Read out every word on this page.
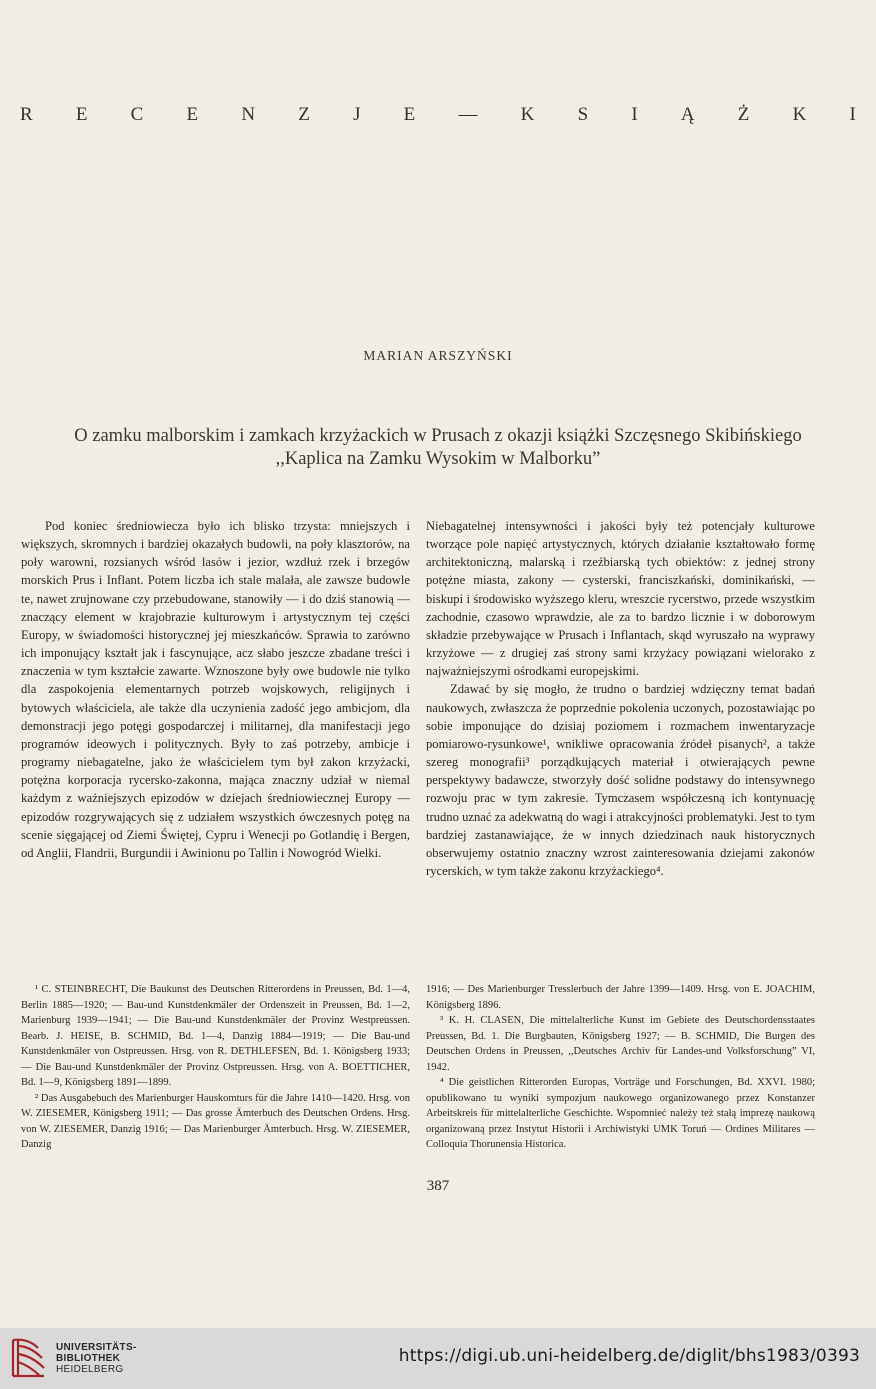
R E C E N Z J E — K S I Ą Ż K I
MARIAN ARSZYŃSKI
O zamku malborskim i zamkach krzyżackich w Prusach z okazji książki Szczęsnego Skibińskiego
,,Kaplica na Zamku Wysokim w Malborku”

Pod koniec średniowiecza było ich blisko trzysta: mniejszych i większych, skromnych i bardziej okazałych budowli, na poły klasztorów, na poły warowni, rozsianych wśród lasów i jezior, wzdłuż rzek i brzegów morskich Prus i Inflant. Potem liczba ich stale malała, ale zawsze budowle te, nawet zrujnowane czy przebudowane, stanowiły — i do dziś stanowią — znaczący element w krajobrazie kulturowym i artystycznym tej części Europy, w świadomości historycznej jej mieszkańców. Sprawia to zarówno ich imponujący kształt jak i fascynujące, acz słabo jeszcze zbadane treści i znaczenia w tym kształcie zawarte. Wznoszone były owe budowle nie tylko dla zaspokojenia elementarnych potrzeb wojskowych, religijnych i bytowych właściciela, ale także dla uczynienia zadość jego ambicjom, dla demonstracji jego potęgi gospodarczej i militarnej, dla manifestacji jego programów ideowych i politycznych. Były to zaś potrzeby, ambicje i programy niebagatelne, jako że właścicielem tym był zakon krzyżacki, potężna korporacja rycersko-zakonna, mająca znaczny udział w niemal każdym z ważniejszych epizodów w dziejach średniowiecznej Europy — epizodów rozgrywających się z udziałem wszystkich ówczesnych potęg na scenie sięgającej od Ziemi Świętej, Cypru i Wenecji po Gotlandię i Bergen, od Anglii, Flandrii, Burgundii i Awinionu po Tallin i Nowogród Wielki.

Niebagatelnej intensywności i jakości były też potencjały kulturowe tworzące pole napięć artystycznych, których działanie kształtowało formę architektoniczną, malarską i rzeźbiarską tych obiektów: z jednej strony potężne miasta, zakony — cysterski, franciszkański, dominikański, — biskupi i środowisko wyższego kleru, wreszcie rycerstwo, przede wszystkim zachodnie, czasowo wprawdzie, ale za to bardzo licznie i w doborowym składzie przebywające w Prusach i Inflantach, skąd wyruszało na wyprawy krzyżowe — z drugiej zaś strony sami krzyżacy powiązani wielorako z najważniejszymi ośrodkami europejskimi.

Zdawać by się mogło, że trudno o bardziej wdzięczny temat badań naukowych, zwłaszcza że poprzednie pokolenia uczonych, pozostawiając po sobie imponujące do dzisiaj poziomem i rozmachem inwentaryzacje pomiarowo-rysunkowe¹, wnikliwe opracowania źródeł pisanych², a także szereg monografii³ porządkujących materiał i otwierających pewne perspektywy badawcze, stworzyły dość solidne podstawy do intensywnego rozwoju prac w tym zakresie. Tymczasem współczesną ich kontynuację trudno uznać za adekwatną do wagi i atrakcyjności problematyki. Jest to tym bardziej zastanawiające, że w innych dziedzinach nauk historycznych obserwujemy ostatnio znaczny wzrost zainteresowania dziejami zakonów rycerskich, w tym także zakonu krzyżackiego⁴.

¹ C. STEINBRECHT, Die Baukunst des Deutschen Ritterordens in Preussen, Bd. 1—4, Berlin 1885—1920; — Bau-und Kunstdenkmäler der Ordenszeit in Preussen, Bd. 1—2, Marienburg 1939—1941; — Die Bau-und Kunstdenkmäler der Provinz Westpreussen. Bearb. J. HEISE, B. SCHMID, Bd. 1—4, Danzig 1884—1919; — Die Bau-und Kunstdenkmäler von Ostpreussen. Hrsg. von R. DETHLEFSEN, Bd. 1. Königsberg 1933; — Die Bau-und Kunstdenkmäler der Provinz Ostpreussen. Hrsg. von A. BOETTICHER, Bd. 1—9, Königsberg 1891—1899.

² Das Ausgabebuch des Marienburger Hauskomturs für die Jahre 1410—1420. Hrsg. von W. ZIESEMER, Königsberg 1911; — Das grosse Ämterbuch des Deutschen Ordens. Hrsg. von W. ZIESEMER, Danzig 1916; — Das Marienburger Ämterbuch. Hrsg. W. ZIESEMER, Danzig

1916; — Des Marienburger Tresslerbuch der Jahre 1399—1409. Hrsg. von E. JOACHIM, Königsberg 1896.

³ K. H. CLASEN, Die mittelalterliche Kunst im Gebiete des Deutschordensstaates Preussen, Bd. 1. Die Burgbauten, Königsberg 1927; — B. SCHMID, Die Burgen des Deutschen Ordens in Preussen, ,,Deutsches Archiv für Landes-und Volksforschung” VI, 1942.

⁴ Die geistlichen Ritterorden Europas, Vorträge und Forschungen, Bd. XXVI. 1980; opublikowano tu wyniki sympozjum naukowego organizowanego przez Konstanzer Arbeitskreis für mittelalterliche Geschichte. Wspomnieć należy też stałą imprezę naukową organizowaną przez Instytut Historii i Archiwistyki UMK Toruń — Ordines Militares — Colloquia Thorunensia Historica.

387
UNIVERSITÄTS-
BIBLIOTHEK
HEIDELBERG
https://digi.ub.uni-heidelberg.de/diglit/bhs1983/0393
